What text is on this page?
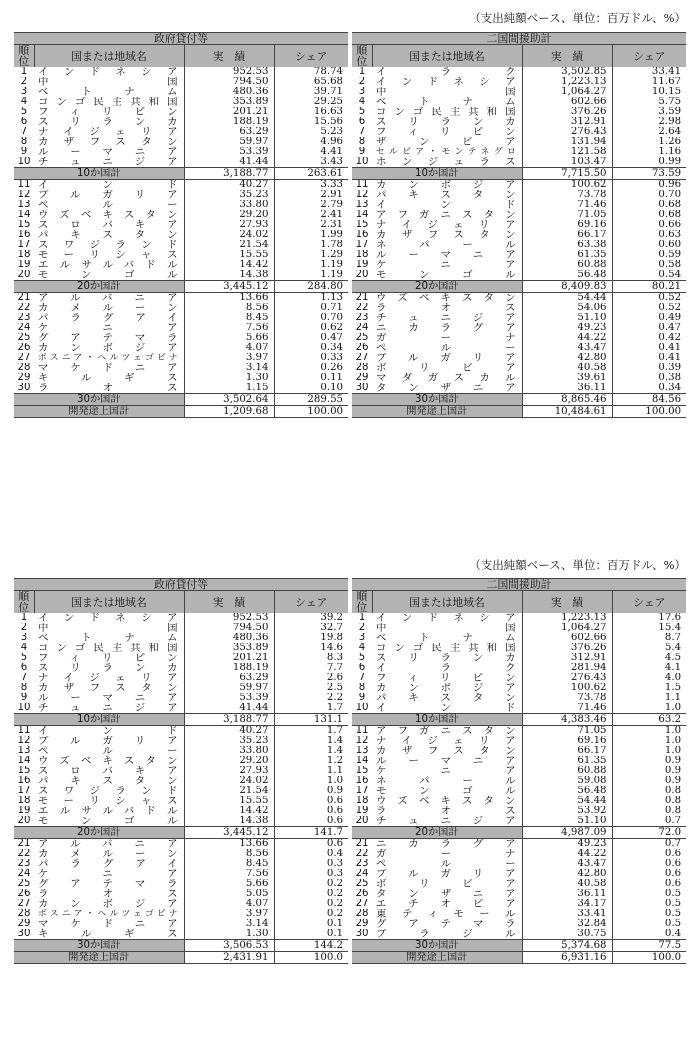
（支出純額ベース、単位：百万ドル、%）
政府貸付等			
順位	国または地域名	実　績	シェア
1	インドネシア	952.53	78.74
2	中国	794.50	65.68
3	ベトナム	480.36	39.71
4	コンゴ民主共和国	353.89	29.25
5	フィリピン	201.21	16.63
6	スリランカ	188.19	15.56
7	ナイジェリア	63.29	5.23
8	カザフスタン	59.97	4.96
9	ルーマニア	53.39	4.41
10	チュニジア	41.44	3.43
10か国計		3,188.77	263.61
11	インド	40.27	3.33
12	ブルガリア	35.23	2.91
13	ペルー	33.80	2.79
14	ウズベキスタン	29.20	2.41
15	スロバキア	27.93	2.31
16	パキスタン	24.02	1.99
17	スワジランド	21.54	1.78
18	モーリシャス	15.55	1.29
19	エルサルバドル	14.42	1.19
20	モンゴル	14.38	1.19
20か国計		3,445.12	284.80
21	アルバニア	13.66	1.13
22	カメルーン	8.56	0.71
23	パラグアイ	8.45	0.70
24	ケニア	7.56	0.62
25	グアテマラ	5.66	0.47
26	カンボジア	4.07	0.34
27	ボスニア・ヘルツェゴビナ	3.97	0.33
28	マケドニア	3.14	0.26
29	キルギス	1.30	0.11
30	ラオス	1.15	0.10
30か国計		3,502.64	289.55
開発途上国計		1,209.68	100.00
二国間援助計			
順位	国または地域名	実　績	シェア
1	イラク	3,502.85	33.41
2	インドネシア	1,223.13	11.67
3	中国	1,064.27	10.15
4	ベトナム	602.66	5.75
5	コンゴ民主共和国	376.26	3.59
6	スリランカ	312.91	2.98
7	フィリピン	276.43	2.64
8	ザンビア	131.94	1.26
9	セルビア・モンテネグロ	121.58	1.16
10	ホンジュラス	103.47	0.99
10か国計		7,715.50	73.59
11	カンボジア	100.62	0.96
12	パキスタン	73.78	0.70
13	インド	71.46	0.68
14	アフガニスタン	71.05	0.68
15	ナイジェリア	69.16	0.66
16	カザフスタン	66.17	0.63
17	ネパール	63.38	0.60
18	ルーマニア	61.35	0.59
19	ケニア	60.88	0.58
20	モンゴル	56.48	0.54
20か国計		8,409.83	80.21
21	ウズベキスタン	54.44	0.52
22	ラオス	54.06	0.52
23	チュニジア	51.10	0.49
24	ニカラグア	49.23	0.47
25	ガーナ	44.22	0.42
26	ペルー	43.47	0.41
27	ブルガリア	42.80	0.41
28	ボリビア	40.58	0.39
29	マダガスカル	39.61	0.38
30	タンザニア	36.11	0.34
30か国計		8,865.46	84.56
開発途上国計		10,484.61	100.00
（支出純額ベース、単位：百万ドル、%）
政府貸付等			
順位	国または地域名	実　績	シェア
1	インドネシア	952.53	39.2
2	中国	794.50	32.7
3	ベトナム	480.36	19.8
4	コンゴ民主共和国	353.89	14.6
5	フィリピン	201.21	8.3
6	スリランカ	188.19	7.7
7	ナイジェリア	63.29	2.6
8	カザフスタン	59.97	2.5
9	ルーマニア	53.39	2.2
10	チュニジア	41.44	1.7
10か国計		3,188.77	131.1
11	インド	40.27	1.7
12	ブルガリア	35.23	1.4
13	ペルー	33.80	1.4
14	ウズベキスタン	29.20	1.2
15	スロバキア	27.93	1.1
16	パキスタン	24.02	1.0
17	スワジランド	21.54	0.9
18	モーリシャス	15.55	0.6
19	エルサルバドル	14.42	0.6
20	モンゴル	14.38	0.6
20か国計		3,445.12	141.7
21	アルバニア	13.66	0.6
22	カメルーン	8.56	0.4
23	パラグアイ	8.45	0.3
24	ケニア	7.56	0.3
25	グアテマラ	5.66	0.2
26	ラオス	5.05	0.2
27	カンボジア	4.07	0.2
28	ボスニア・ヘルツェゴビナ	3.97	0.2
29	マケドニア	3.14	0.1
30	キルギス	1.30	0.1
30か国計		3,506.53	144.2
開発途上国計		2,431.91	100.0
二国間援助計			
順位	国または地域名	実　績	シェア
1	インドネシア	1,223.13	17.6
2	中国	1,064.27	15.4
3	ベトナム	602.66	8.7
4	コンゴ民主共和国	376.26	5.4
5	スリランカ	312.91	4.5
6	イラク	281.94	4.1
7	フィリピン	276.43	4.0
8	カンボジア	100.62	1.5
9	パキスタン	73.78	1.1
10	インド	71.46	1.0
10か国計		4,383.46	63.2
11	アフガニスタン	71.05	1.0
12	ナイジェリア	69.16	1.0
13	カザフスタン	66.17	1.0
14	ルーマニア	61.35	0.9
15	ケニア	60.88	0.9
16	ネパール	59.08	0.9
17	モンゴル	56.48	0.8
18	ウズベキスタン	54.44	0.8
19	ラオス	53.92	0.8
20	チュニジア	51.10	0.7
20か国計		4,987.09	72.0
21	ニカラグア	49.23	0.7
22	ガーナ	44.22	0.6
23	ペルー	43.47	0.6
24	ブルガリア	42.80	0.6
25	ボリビア	40.58	0.6
26	タンザニア	36.11	0.5
27	エチオピア	34.17	0.5
28	東ティモール	33.41	0.5
29	グアテマラ	32.84	0.5
30	ブラジル	30.75	0.4
30か国計		5,374.68	77.5
開発途上国計		6,931.16	100.0
